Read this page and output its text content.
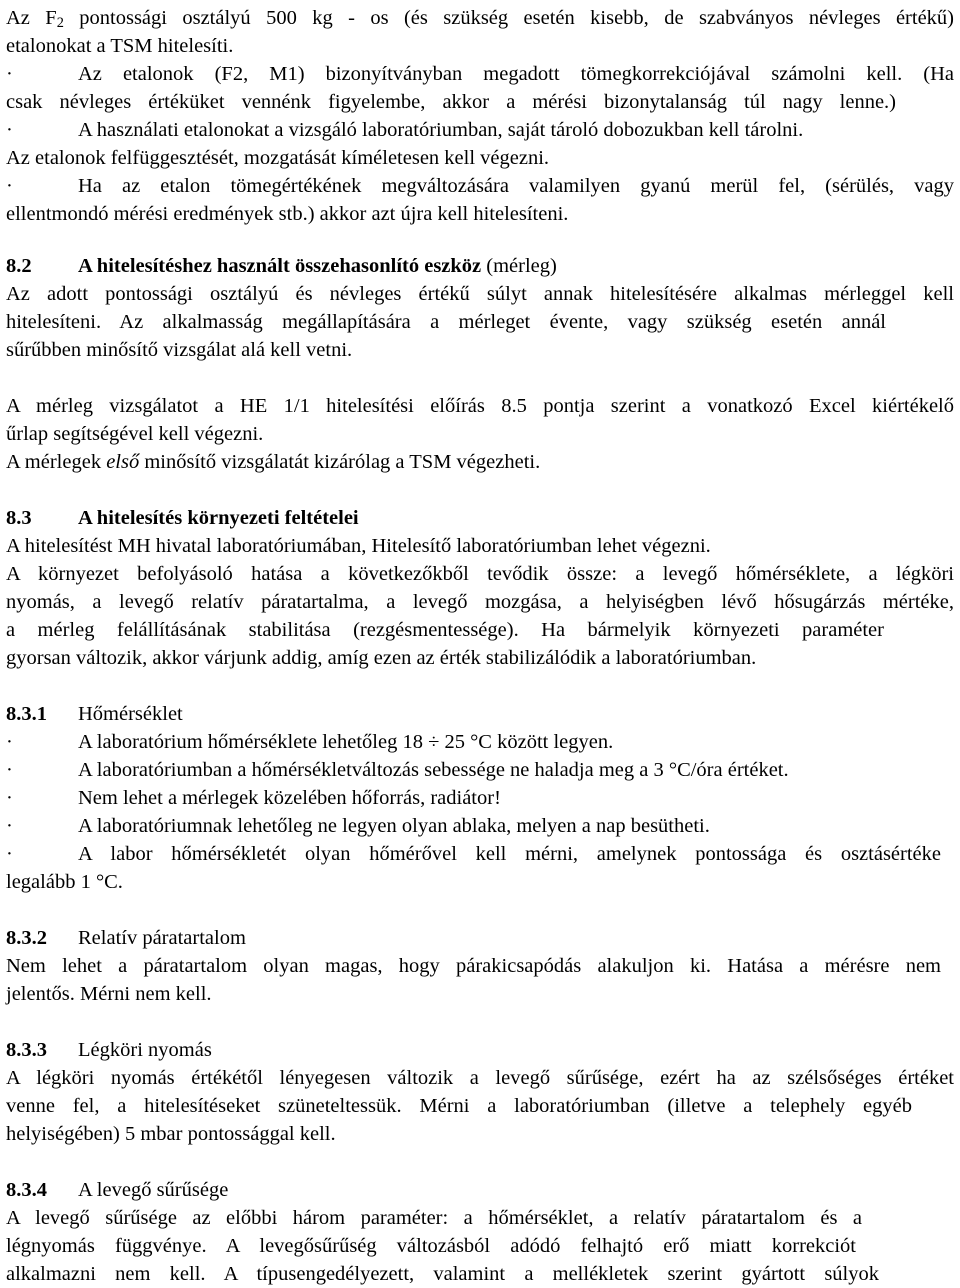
Az $F_2$ pontossági osztályú 500 kg - os (és szükség esetén kisebb, de szabványos névleges értékű)
etalonokat a TSM hitelesíti.
·	Az etalonok (F2, M1) bizonyítványban megadott tömegkorrekciójával számolni kell. (Ha
csak névleges értéküket vennénk figyelembe, akkor a mérési bizonytalanság túl nagy lenne.)
·	A használati etalonokat a vizsgáló laboratóriumban, saját tároló dobozukban kell tárolni.
Az etalonok felfüggesztését, mozgatását kíméletesen kell végezni.
·	Ha az etalon tömegértékének megváltozására valamilyen gyanú merül fel, (sérülés, vagy
ellentmondó mérési eredmények stb.) akkor azt újra kell hitelesíteni.
8.2 A hitelesítéshez használt összehasonlító eszköz (mérleg)
Az adott pontossági osztályú és névleges értékű súlyt annak hitelesítésére alkalmas mérleggel kell
hitelesíteni. Az alkalmasság megállapítására a mérleget évente, vagy szükség esetén annál
sűrűbben minősítő vizsgálat alá kell vetni.
A mérleg vizsgálatot a HE 1/1 hitelesítési előírás 8.5 pontja szerint a vonatkozó Excel kiértékelő
űrlap segítségével kell végezni.
A mérlegek első minősítő vizsgálatát kizárólag a TSM végezheti.
8.3 A hitelesítés környezeti feltételei
A hitelesítést MH hivatal laboratóriumában, Hitelesítő laboratóriumban lehet végezni.
A környezet befolyásoló hatása a következőkből tevődik össze: a levegő hőmérséklete, a légköri
nyomás, a levegő relatív páratartalma, a levegő mozgása, a helyiségben lévő hősugárzás mértéke,
a mérleg felállításának stabilitása (rezgésmentessége). Ha bármelyik környezeti paraméter
gyorsan változik, akkor várjunk addig, amíg ezen az érték stabilizálódik a laboratóriumban.
8.3.1 Hőmérséklet
·	A laboratórium hőmérséklete lehetőleg 18 ÷ 25 °C között legyen.
·	A laboratóriumban a hőmérsékletváltozás sebessége ne haladja meg a 3 °C/óra értéket.
·	Nem lehet a mérlegek közelében hőforrás, radiátor!
·	A laboratóriumnak lehetőleg ne legyen olyan ablaka, melyen a nap besütheti.
·	A labor hőmérsékletét olyan hőmérővel kell mérni, amelynek pontossága és osztásértéke
legalább 1 °C.
8.3.2 Relatív páratartalom
Nem lehet a páratartalom olyan magas, hogy párakicsapódás alakuljon ki. Hatása a mérésre nem
jelentős. Mérni nem kell.
8.3.3 Légköri nyomás
A légköri nyomás értékétől lényegesen változik a levegő sűrűsége, ezért ha az szélsőséges értéket
venne fel, a hitelesítéseket szüneteltessük. Mérni a laboratóriumban (illetve a telephely egyéb
helyiségében) 5 mbar pontossággal kell.
8.3.4 A levegő sűrűsége
A levegő sűrűsége az előbbi három paraméter: a hőmérséklet, a relatív páratartalom és a
légnyomás függvénye. A levegősűrűség változásból adódó felhajtó erő miatt korrekciót
alkalmazni nem kell. A típusengedélyezett, valamint a mellékletek szerint gyártott súlyok
